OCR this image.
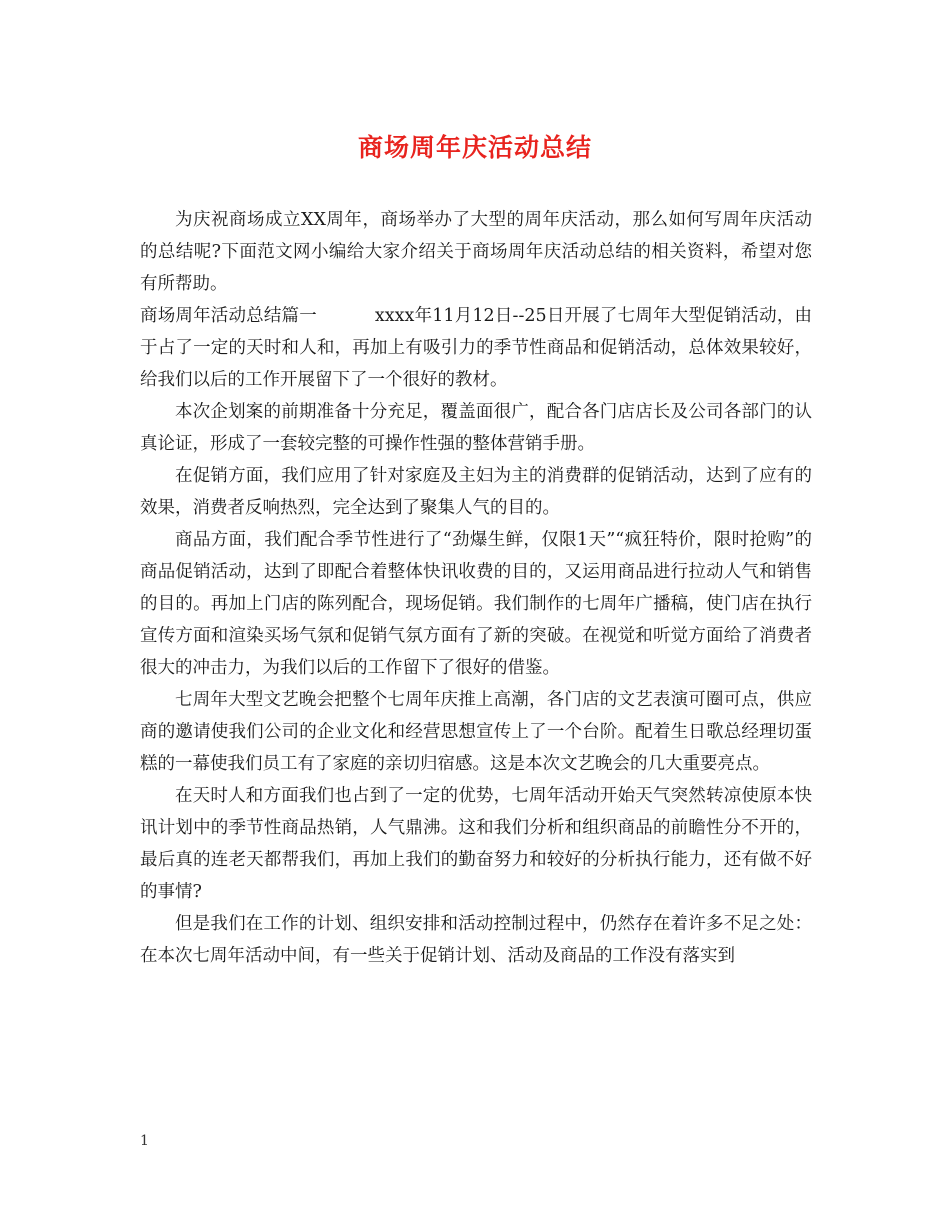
商场周年庆活动总结

为庆祝商场成立XX周年，商场举办了大型的周年庆活动，那么如何写周年庆活动的总结呢?下面范文网小编给大家介绍关于商场周年庆活动总结的相关资料，希望对您有所帮助。

商场周年活动总结篇一	xxxx年11月12日--25日开展了七周年大型促销活动，由于占了一定的天时和人和，再加上有吸引力的季节性商品和促销活动，总体效果较好，给我们以后的工作开展留下了一个很好的教材。

本次企划案的前期准备十分充足，覆盖面很广，配合各门店店长及公司各部门的认真论证，形成了一套较完整的可操作性强的整体营销手册。

在促销方面，我们应用了针对家庭及主妇为主的消费群的促销活动，达到了应有的效果，消费者反响热烈，完全达到了聚集人气的目的。

商品方面，我们配合季节性进行了“劲爆生鲜，仅限1天”“疯狂特价，限时抢购”的商品促销活动，达到了即配合着整体快讯收费的目的，又运用商品进行拉动人气和销售的目的。再加上门店的陈列配合，现场促销。我们制作的七周年广播稿，使门店在执行宣传方面和渲染买场气氛和促销气氛方面有了新的突破。在视觉和听觉方面给了消费者很大的冲击力，为我们以后的工作留下了很好的借鉴。

七周年大型文艺晚会把整个七周年庆推上高潮，各门店的文艺表演可圈可点，供应商的邀请使我们公司的企业文化和经营思想宣传上了一个台阶。配着生日歌总经理切蛋糕的一幕使我们员工有了家庭的亲切归宿感。这是本次文艺晚会的几大重要亮点。

在天时人和方面我们也占到了一定的优势，七周年活动开始天气突然转凉使原本快讯计划中的季节性商品热销，人气鼎沸。这和我们分析和组织商品的前瞻性分不开的，最后真的连老天都帮我们，再加上我们的勤奋努力和较好的分析执行能力，还有做不好的事情?

但是我们在工作的计划、组织安排和活动控制过程中，仍然存在着许多不足之处：在本次七周年活动中间，有一些关于促销计划、活动及商品的工作没有落实到

1
